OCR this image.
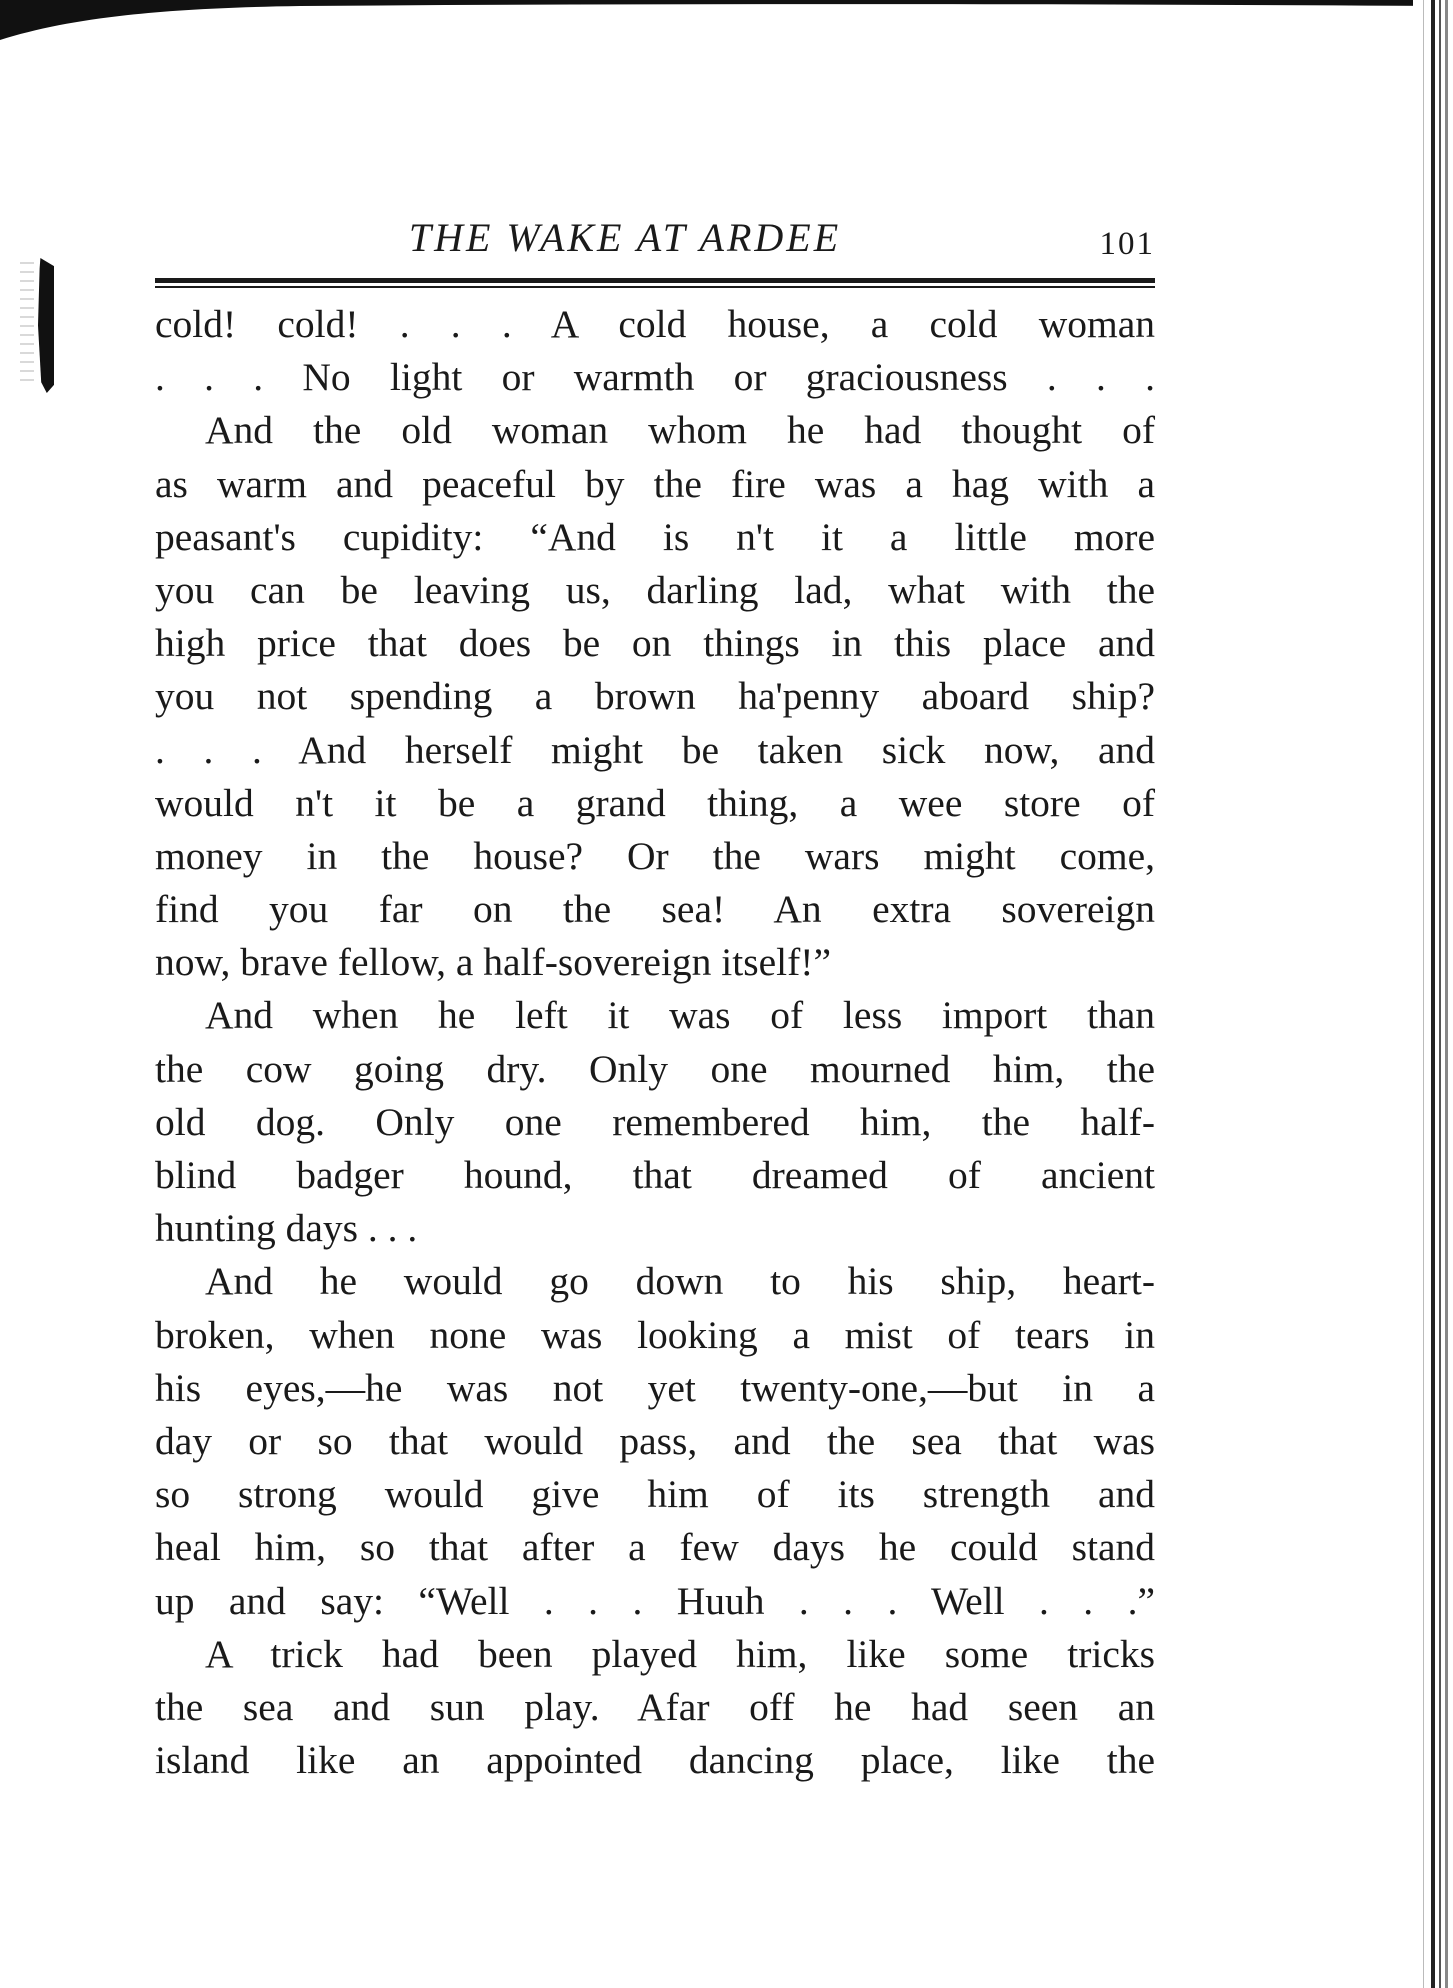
THE WAKE AT ARDEE	101
cold! cold! . . . A cold house, a cold woman
. . . No light or warmth or graciousness . . .
And the old woman whom he had thought of
as warm and peaceful by the fire was a hag with a
peasant's cupidity: “And is n't it a little more
you can be leaving us, darling lad, what with the
high price that does be on things in this place and
you not spending a brown ha'penny aboard ship?
. . . And herself might be taken sick now, and
would n't it be a grand thing, a wee store of
money in the house? Or the wars might come,
find you far on the sea! An extra sovereign
now, brave fellow, a half-sovereign itself!”
And when he left it was of less import than
the cow going dry. Only one mourned him, the
old dog. Only one remembered him, the half-
blind badger hound, that dreamed of ancient
hunting days . . .
And he would go down to his ship, heart-
broken, when none was looking a mist of tears in
his eyes,—he was not yet twenty-one,—but in a
day or so that would pass, and the sea that was
so strong would give him of its strength and
heal him, so that after a few days he could stand
up and say: “Well . . . Huuh . . . Well . . .”
A trick had been played him, like some tricks
the sea and sun play. Afar off he had seen an
island like an appointed dancing place, like the
